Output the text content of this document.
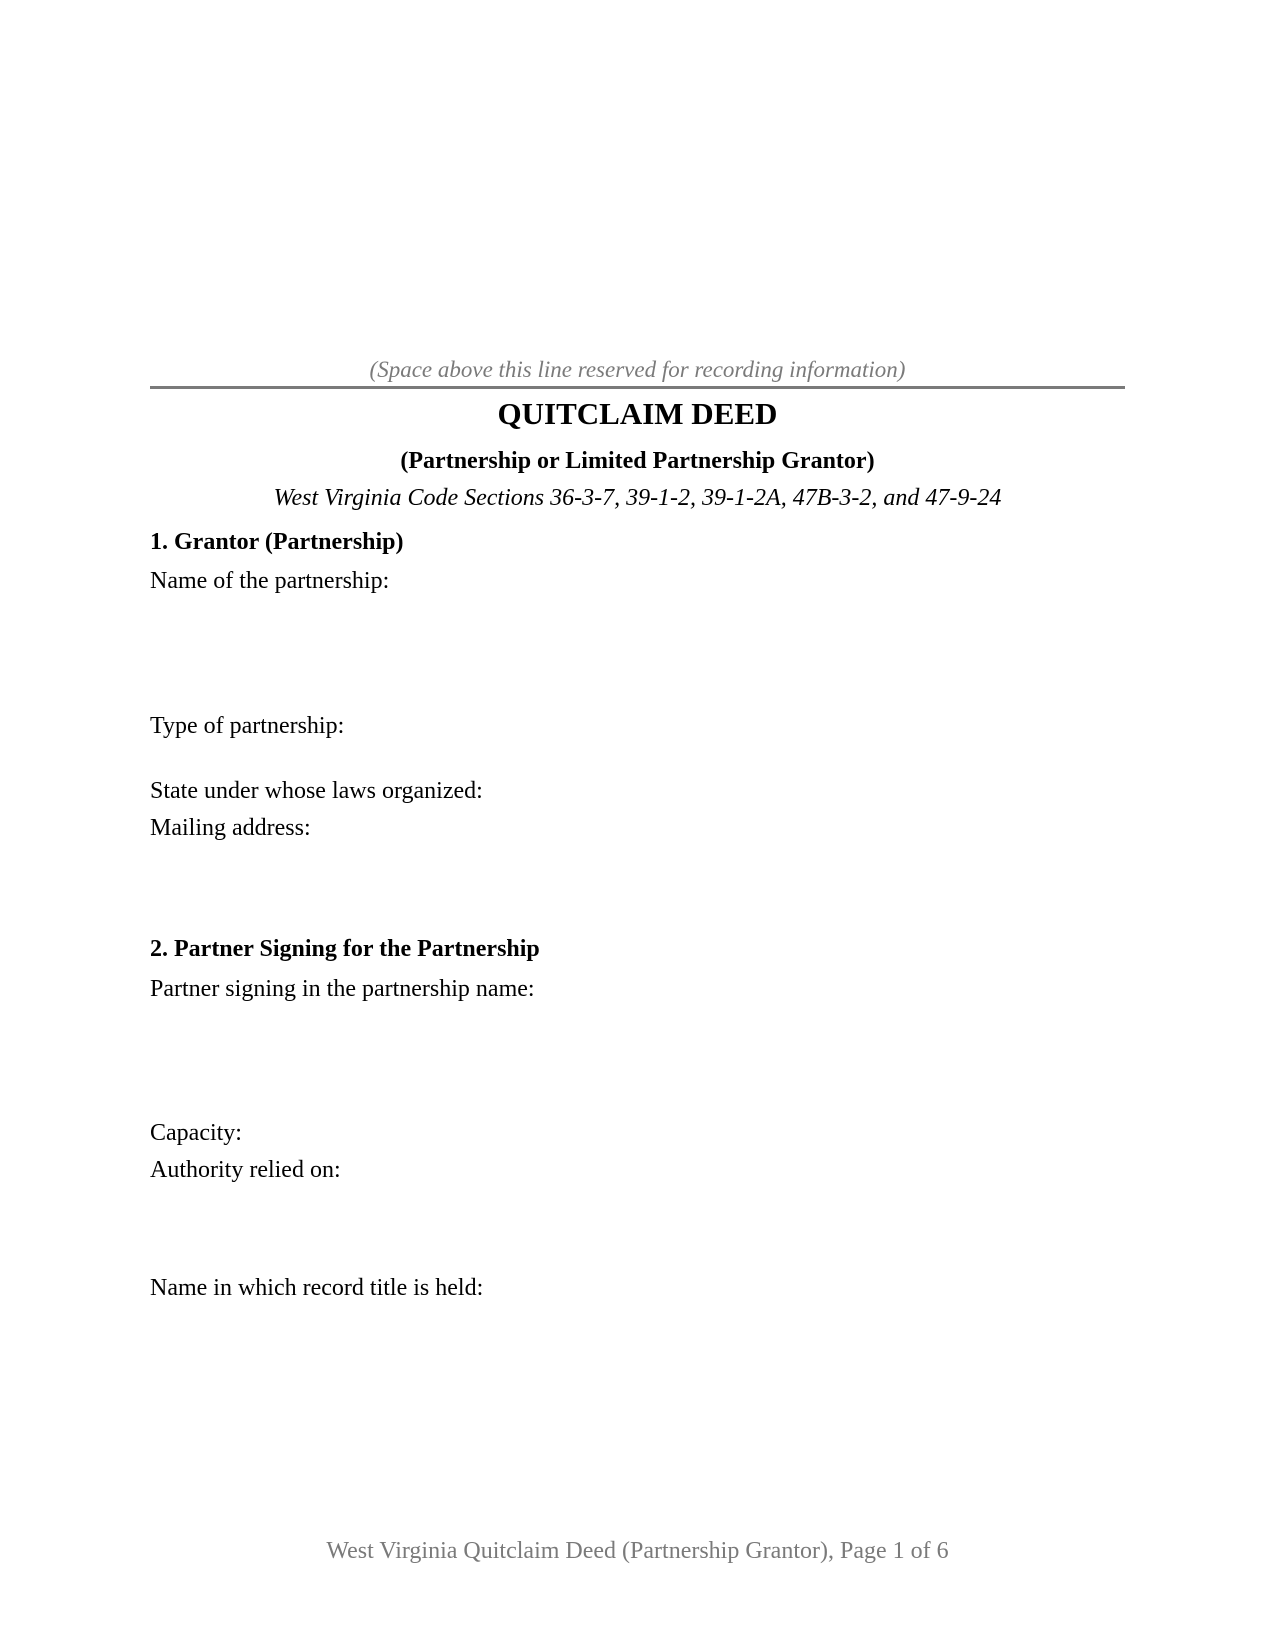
(Space above this line reserved for recording information)
QUITCLAIM DEED
(Partnership or Limited Partnership Grantor)
West Virginia Code Sections 36-3-7, 39-1-2, 39-1-2A, 47B-3-2, and 47-9-24
1. Grantor (Partnership)
Name of the partnership:
Type of partnership:
State under whose laws organized:
Mailing address:
2. Partner Signing for the Partnership
Partner signing in the partnership name:
Capacity:
Authority relied on:
Name in which record title is held:
West Virginia Quitclaim Deed (Partnership Grantor), Page 1 of 6
